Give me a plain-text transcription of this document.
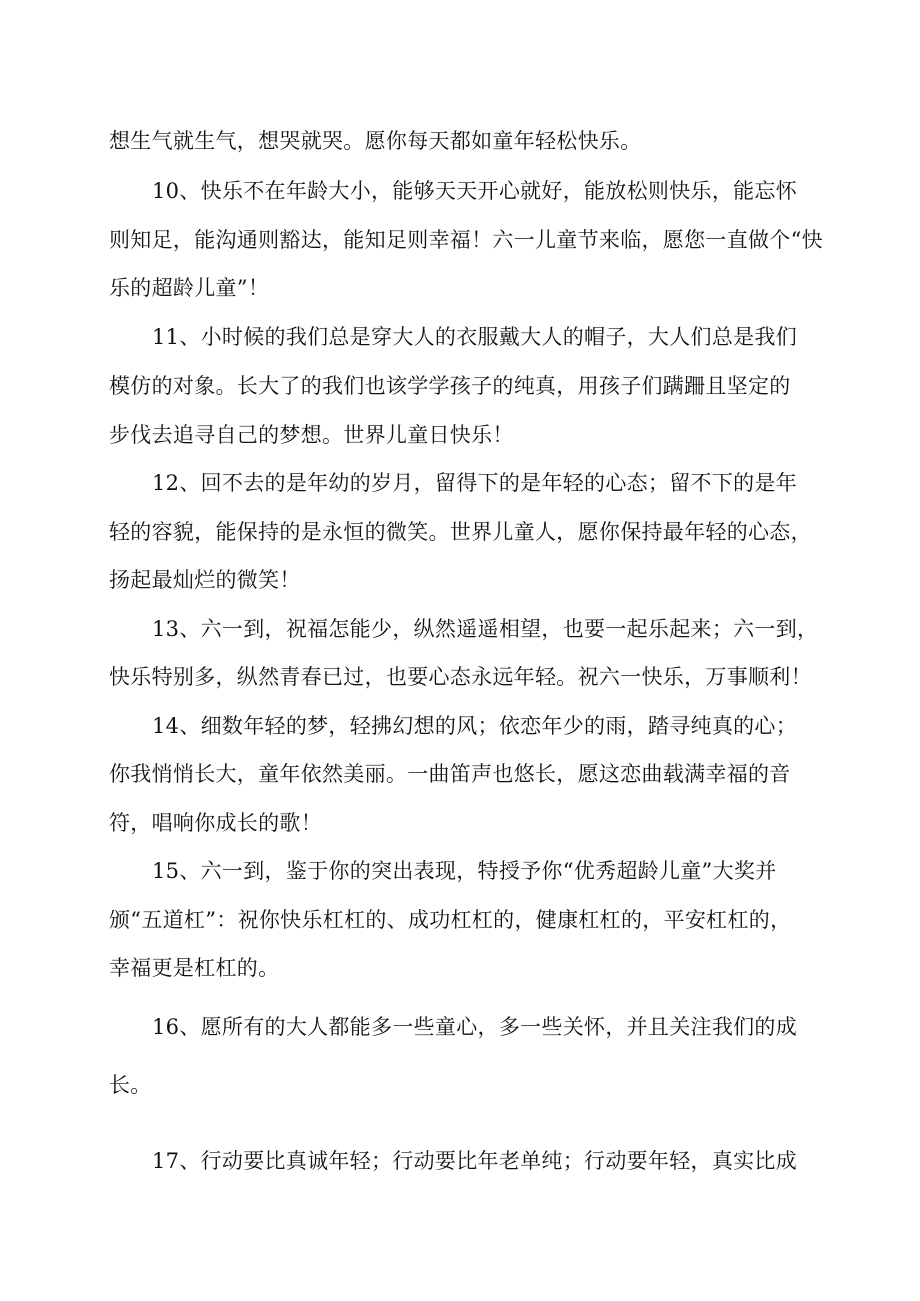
想生气就生气，想哭就哭。愿你每天都如童年轻松快乐。
10、快乐不在年龄大小，能够天天开心就好，能放松则快乐，能忘怀
则知足，能沟通则豁达，能知足则幸福！六一儿童节来临，愿您一直做个“快
乐的超龄儿童”！
11、小时候的我们总是穿大人的衣服戴大人的帽子，大人们总是我们
模仿的对象。长大了的我们也该学学孩子的纯真，用孩子们蹒跚且坚定的
步伐去追寻自己的梦想。世界儿童日快乐！
12、回不去的是年幼的岁月，留得下的是年轻的心态；留不下的是年
轻的容貌，能保持的是永恒的微笑。世界儿童人，愿你保持最年轻的心态，
扬起最灿烂的微笑！
13、六一到，祝福怎能少，纵然遥遥相望，也要一起乐起来；六一到，
快乐特别多，纵然青春已过，也要心态永远年轻。祝六一快乐，万事顺利！
14、细数年轻的梦，轻拂幻想的风；依恋年少的雨，踏寻纯真的心；
你我悄悄长大，童年依然美丽。一曲笛声也悠长，愿这恋曲载满幸福的音
符，唱响你成长的歌！
15、六一到，鉴于你的突出表现，特授予你“优秀超龄儿童”大奖并
颁“五道杠”：祝你快乐杠杠的、成功杠杠的，健康杠杠的，平安杠杠的，
幸福更是杠杠的。
16、愿所有的大人都能多一些童心，多一些关怀，并且关注我们的成
长。
17、行动要比真诚年轻；行动要比年老单纯；行动要年轻，真实比成
